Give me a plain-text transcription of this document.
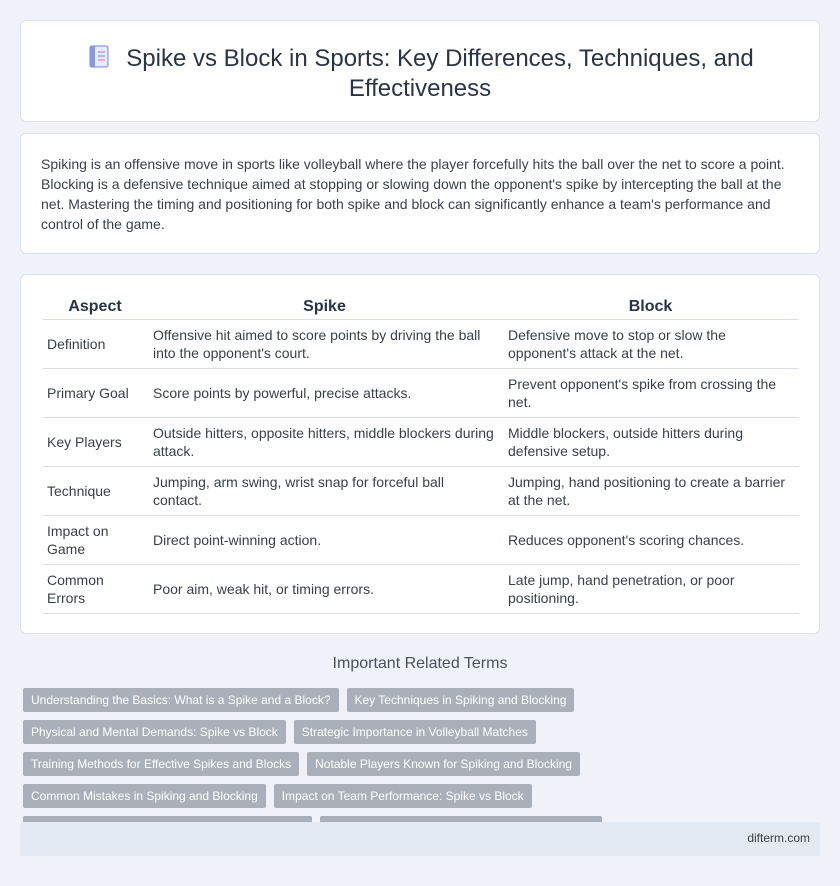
Spike vs Block in Sports: Key Differences, Techniques, and
Effectiveness

Spiking is an offensive move in sports like volleyball where the player forcefully hits the ball over the net to score a point. Blocking is a defensive technique aimed at stopping or slowing down the opponent's spike by intercepting the ball at the net. Mastering the timing and positioning for both spike and block can significantly enhance a team's performance and control of the game.

Aspect	Spike	Block
Definition	Offensive hit aimed to score points by driving the ball into the opponent's court.	Defensive move to stop or slow the opponent's attack at the net.
Primary Goal	Score points by powerful, precise attacks.	Prevent opponent's spike from crossing the net.
Key Players	Outside hitters, opposite hitters, middle blockers during attack.	Middle blockers, outside hitters during defensive setup.
Technique	Jumping, arm swing, wrist snap for forceful ball contact.	Jumping, hand positioning to create a barrier at the net.
Impact on Game	Direct point-winning action.	Reduces opponent's scoring chances.
Common Errors	Poor aim, weak hit, or timing errors.	Late jump, hand penetration, or poor positioning.
Important Related Terms
Understanding the Basics: What is a Spike and a Block?	Key Techniques in Spiking and Blocking
Physical and Mental Demands: Spike vs Block	Strategic Importance in Volleyball Matches
Training Methods for Effective Spikes and Blocks	Notable Players Known for Spiking and Blocking
Common Mistakes in Spiking and Blocking	Impact on Team Performance: Spike vs Block
difterm.com
